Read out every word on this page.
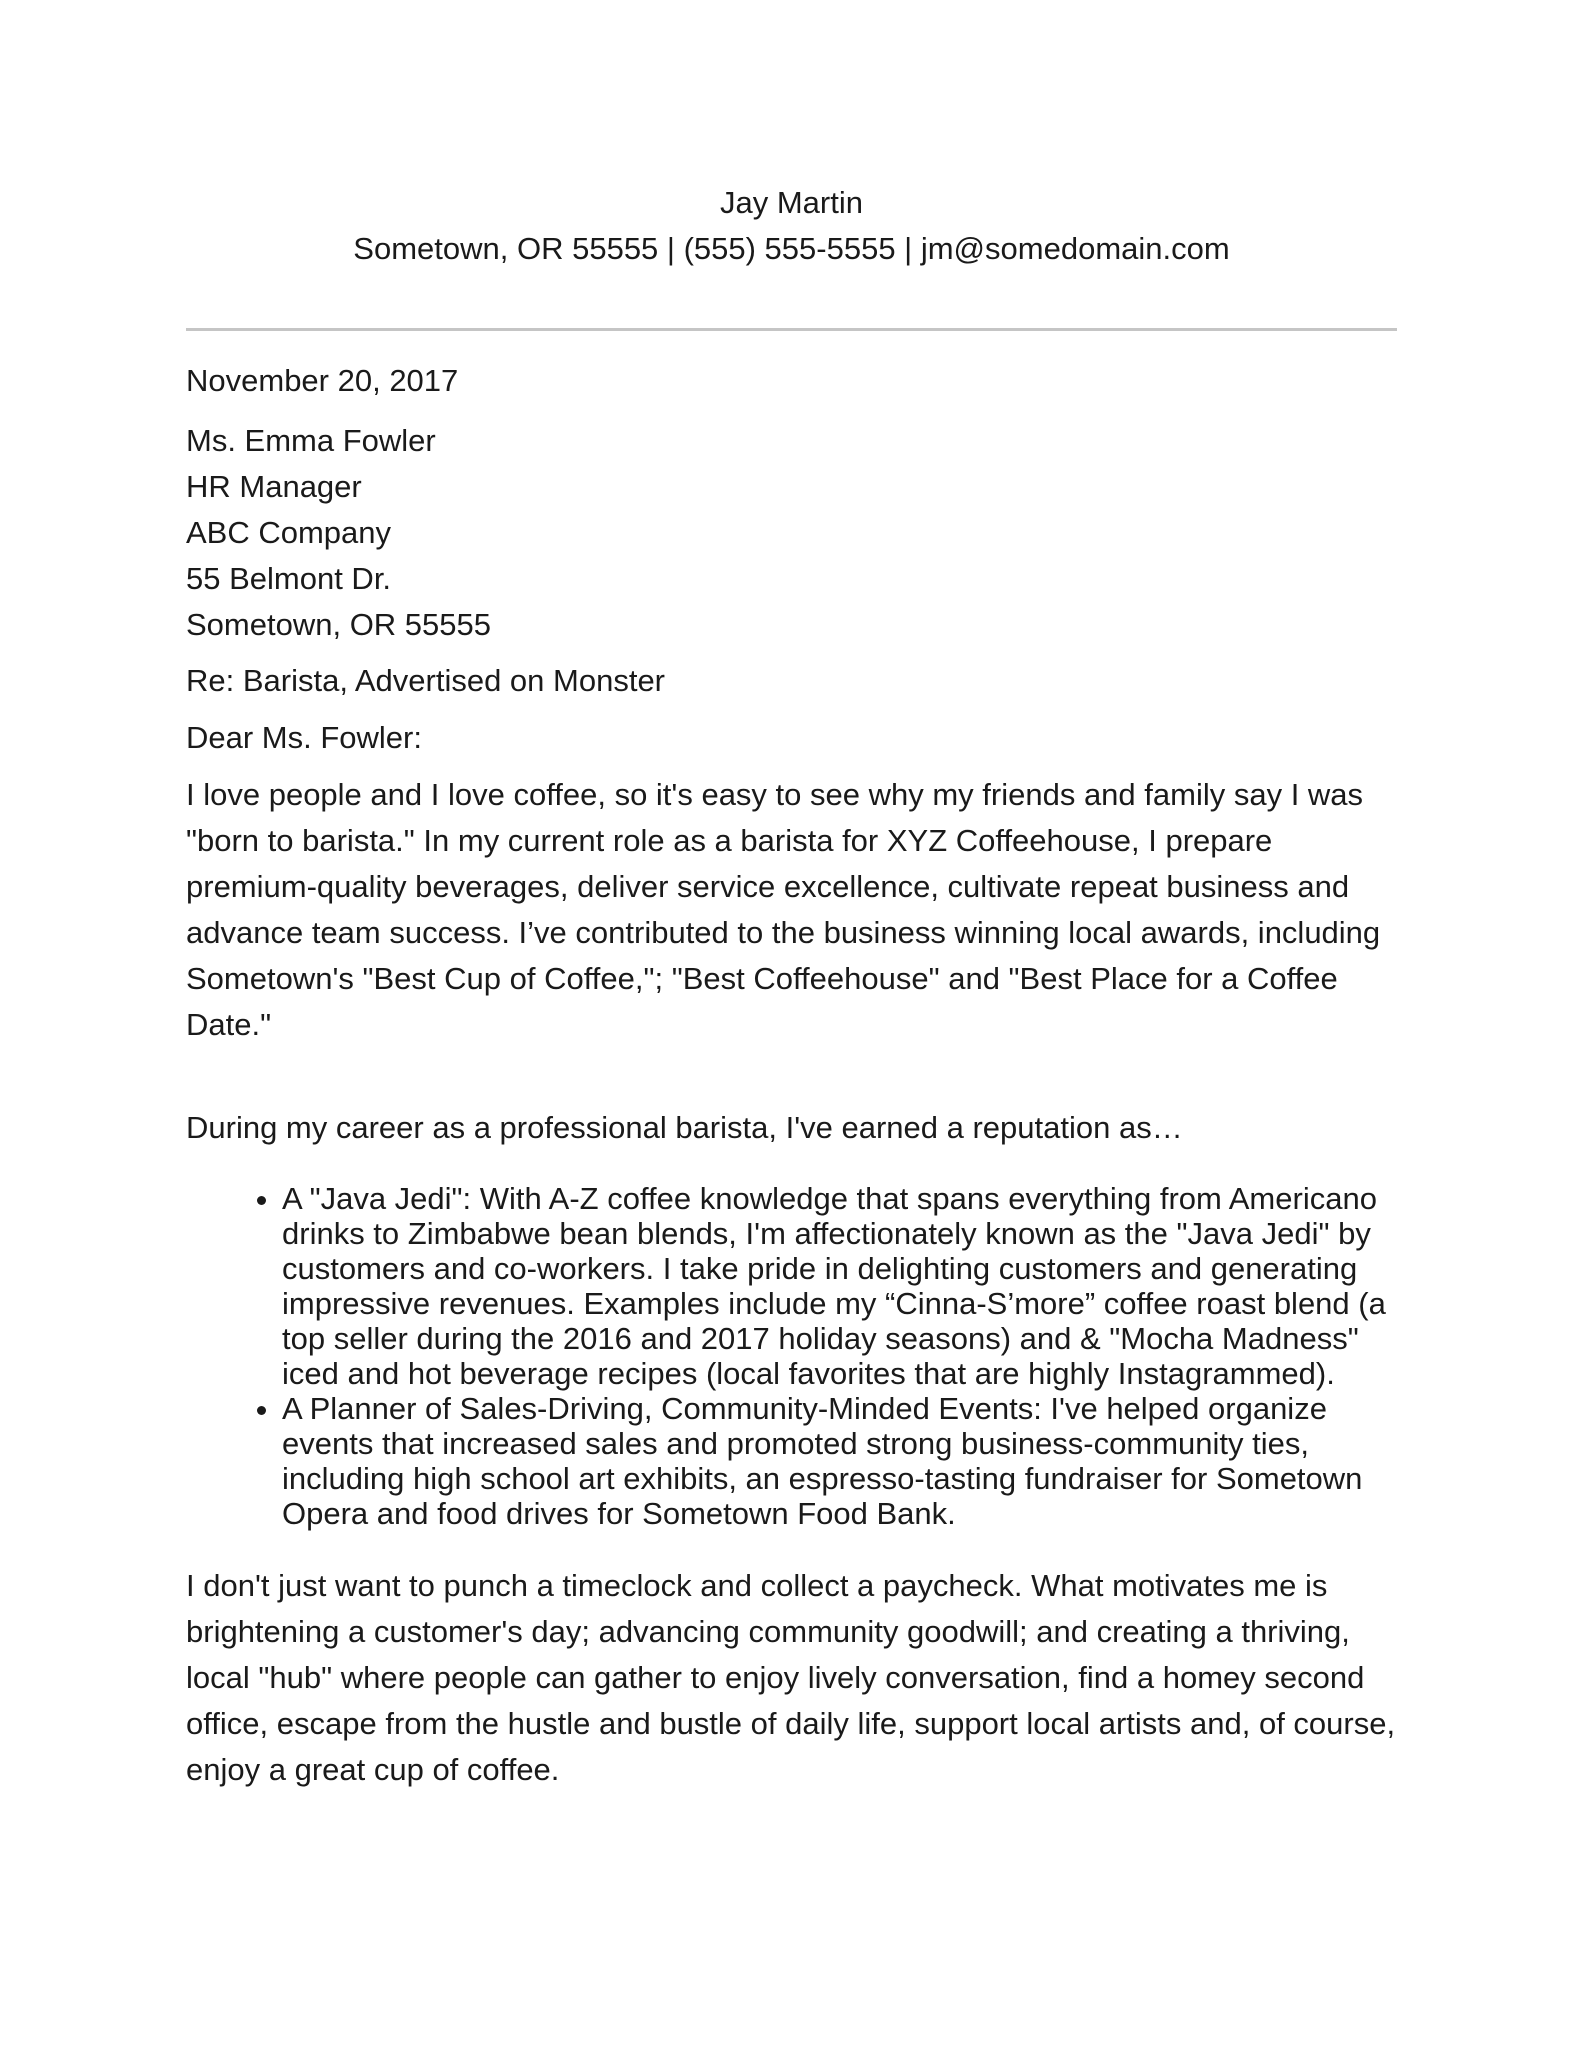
Jay Martin

Sometown, OR 55555 | (555) 555-5555 | jm@somedomain.com

November 20, 2017

Ms. Emma Fowler
HR Manager
ABC Company
55 Belmont Dr.
Sometown, OR 55555

Re: Barista, Advertised on Monster

Dear Ms. Fowler:

I love people and I love coffee, so it's easy to see why my friends and family say I was "born to barista." In my current role as a barista for XYZ Coffeehouse, I prepare premium-quality beverages, deliver service excellence, cultivate repeat business and advance team success. I’ve contributed to the business winning local awards, including Sometown's "Best Cup of Coffee,"; "Best Coffeehouse" and "Best Place for a Coffee Date."

During my career as a professional barista, I've earned a reputation as…

• A "Java Jedi": With A-Z coffee knowledge that spans everything from Americano drinks to Zimbabwe bean blends, I'm affectionately known as the "Java Jedi" by customers and co-workers. I take pride in delighting customers and generating impressive revenues. Examples include my “Cinna-S’more” coffee roast blend (a top seller during the 2016 and 2017 holiday seasons) and & "Mocha Madness" iced and hot beverage recipes (local favorites that are highly Instagrammed).
• A Planner of Sales-Driving, Community-Minded Events: I've helped organize events that increased sales and promoted strong business-community ties, including high school art exhibits, an espresso-tasting fundraiser for Sometown Opera and food drives for Sometown Food Bank.

I don't just want to punch a timeclock and collect a paycheck. What motivates me is brightening a customer's day; advancing community goodwill; and creating a thriving, local "hub" where people can gather to enjoy lively conversation, find a homey second office, escape from the hustle and bustle of daily life, support local artists and, of course, enjoy a great cup of coffee.
